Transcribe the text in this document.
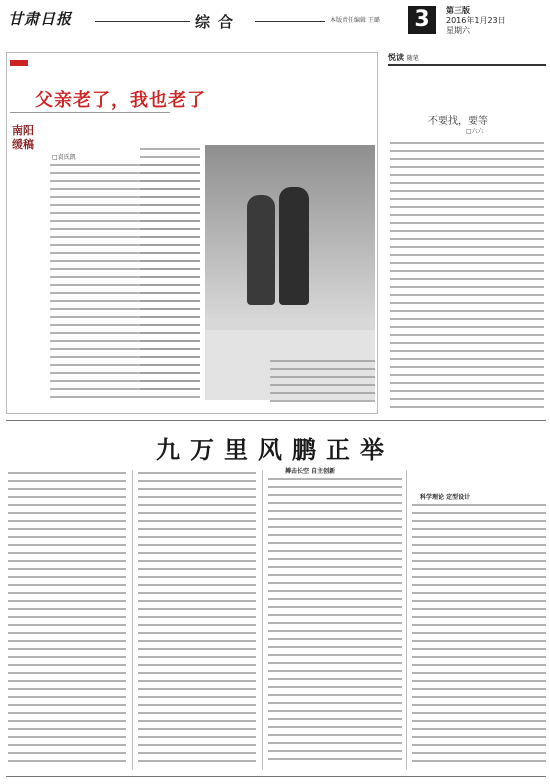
甘肃日报	综合	本版责任编辑 王璐 3	第三版
2016年1月23日
星期六
父亲老了，我也老了
南阳
缓稿
□袁氏凯
悦读 随笔
不要找，要等
□六六
九万里风鹏正举
搏击长空 自主创新
科学理论 定型设计
